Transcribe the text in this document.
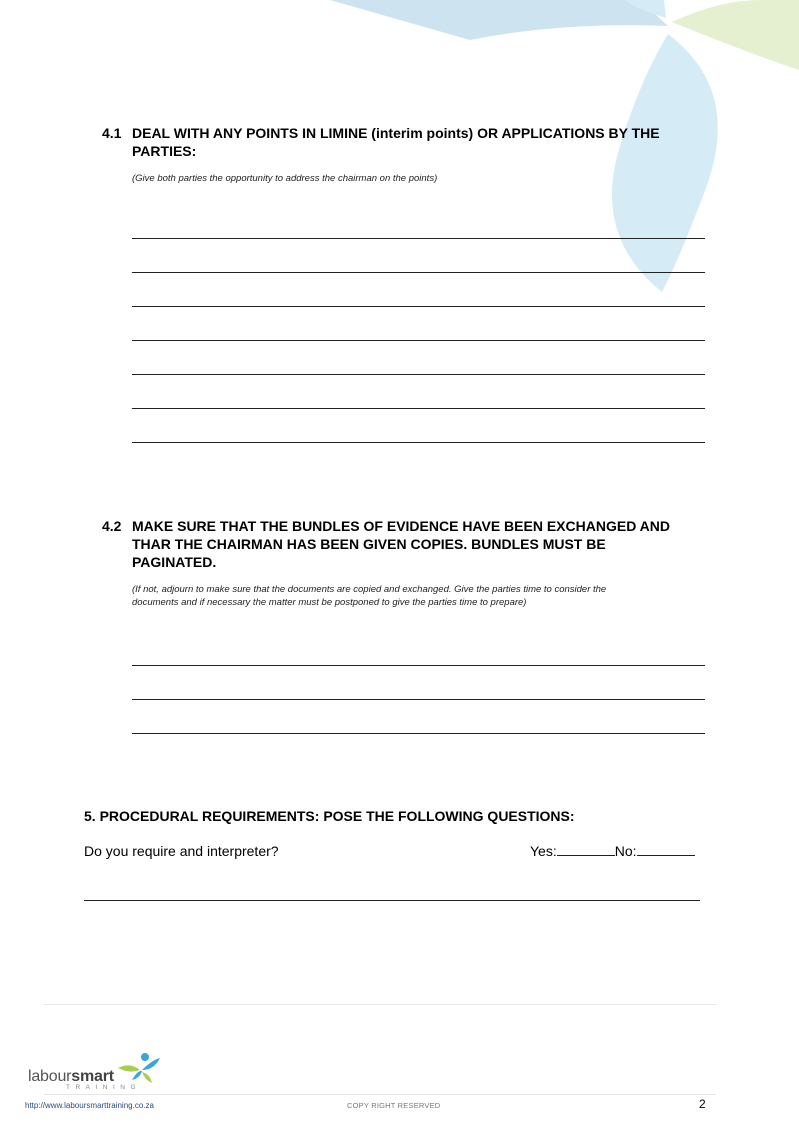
4.1 DEAL WITH ANY POINTS IN LIMINE (interim points) OR APPLICATIONS BY THE
PARTIES:
(Give both parties the opportunity to address the chairman on the points)
4.2 MAKE SURE THAT THE BUNDLES OF EVIDENCE HAVE BEEN EXCHANGED AND
THAR THE CHAIRMAN HAS BEEN GIVEN COPIES. BUNDLES MUST BE
PAGINATED.
(If not, adjourn to make sure that the documents are copied and exchanged. Give the parties time to consider the
documents and if necessary the matter must be postponed to give the parties time to prepare)
5. PROCEDURAL REQUIREMENTS: POSE THE FOLLOWING QUESTIONS:
Do you require and interpreter?	Yes:	No:
laboursmart
TRAINING
http://www.laboursmarttraining.co.za	COPY RIGHT RESERVED	2
